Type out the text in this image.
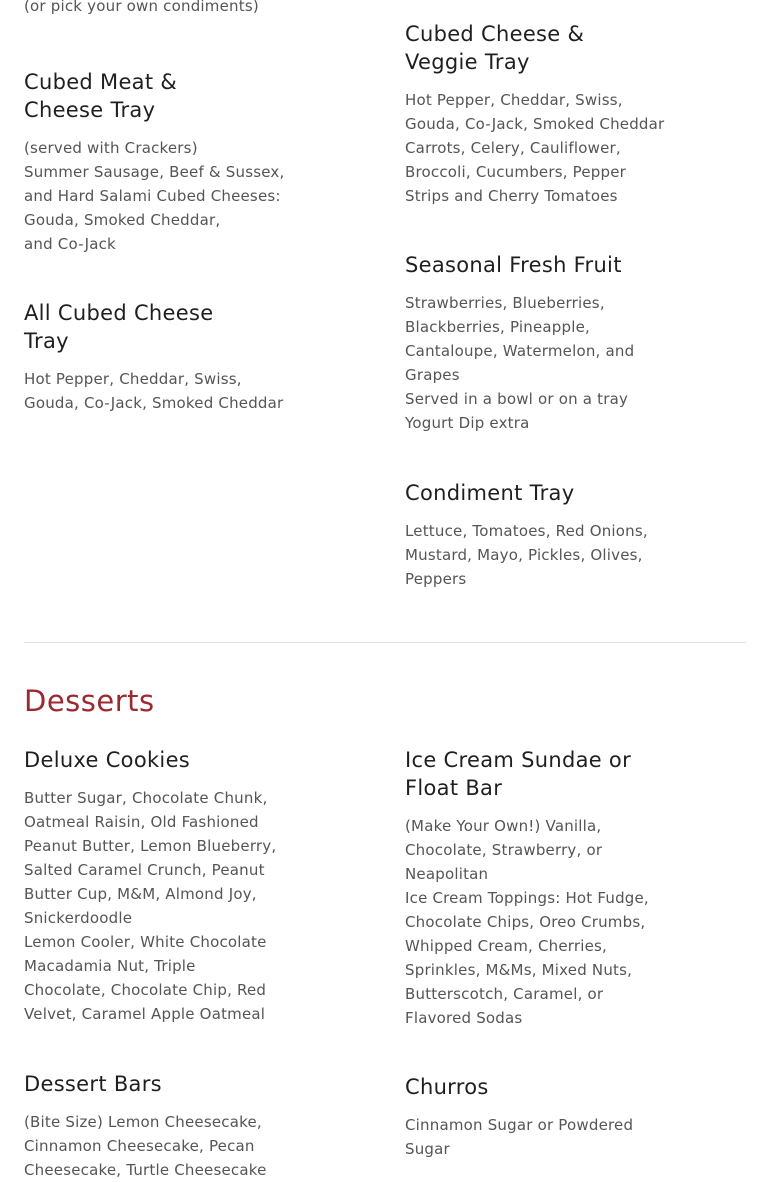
(or pick your own condiments)
Cubed Meat &
Cheese Tray
(served with Crackers)
Summer Sausage, Beef & Sussex,
and Hard Salami Cubed Cheeses:
Gouda, Smoked Cheddar,
and Co-Jack
All Cubed Cheese
Tray
Hot Pepper, Cheddar, Swiss,
Gouda, Co-Jack, Smoked Cheddar
Cubed Cheese &
Veggie Tray
Hot Pepper, Cheddar, Swiss,
Gouda, Co-Jack, Smoked Cheddar
Carrots, Celery, Cauliflower,
Broccoli, Cucumbers, Pepper
Strips and Cherry Tomatoes
Seasonal Fresh Fruit
Strawberries, Blueberries,
Blackberries, Pineapple,
Cantaloupe, Watermelon, and
Grapes
Served in a bowl or on a tray
Yogurt Dip extra
Condiment Tray
Lettuce, Tomatoes, Red Onions,
Mustard, Mayo, Pickles, Olives,
Peppers
Desserts
Deluxe Cookies
Butter Sugar, Chocolate Chunk,
Oatmeal Raisin, Old Fashioned
Peanut Butter, Lemon Blueberry,
Salted Caramel Crunch, Peanut
Butter Cup, M&M, Almond Joy,
Snickerdoodle
Lemon Cooler, White Chocolate
Macadamia Nut, Triple
Chocolate, Chocolate Chip, Red
Velvet, Caramel Apple Oatmeal
Dessert Bars
(Bite Size) Lemon Cheesecake,
Cinnamon Cheesecake, Pecan
Cheesecake, Turtle Cheesecake
Ice Cream Sundae or
Float Bar
(Make Your Own!) Vanilla,
Chocolate, Strawberry, or
Neapolitan
Ice Cream Toppings: Hot Fudge,
Chocolate Chips, Oreo Crumbs,
Whipped Cream, Cherries,
Sprinkles, M&Ms, Mixed Nuts,
Butterscotch, Caramel, or
Flavored Sodas
Churros
Cinnamon Sugar or Powdered
Sugar
